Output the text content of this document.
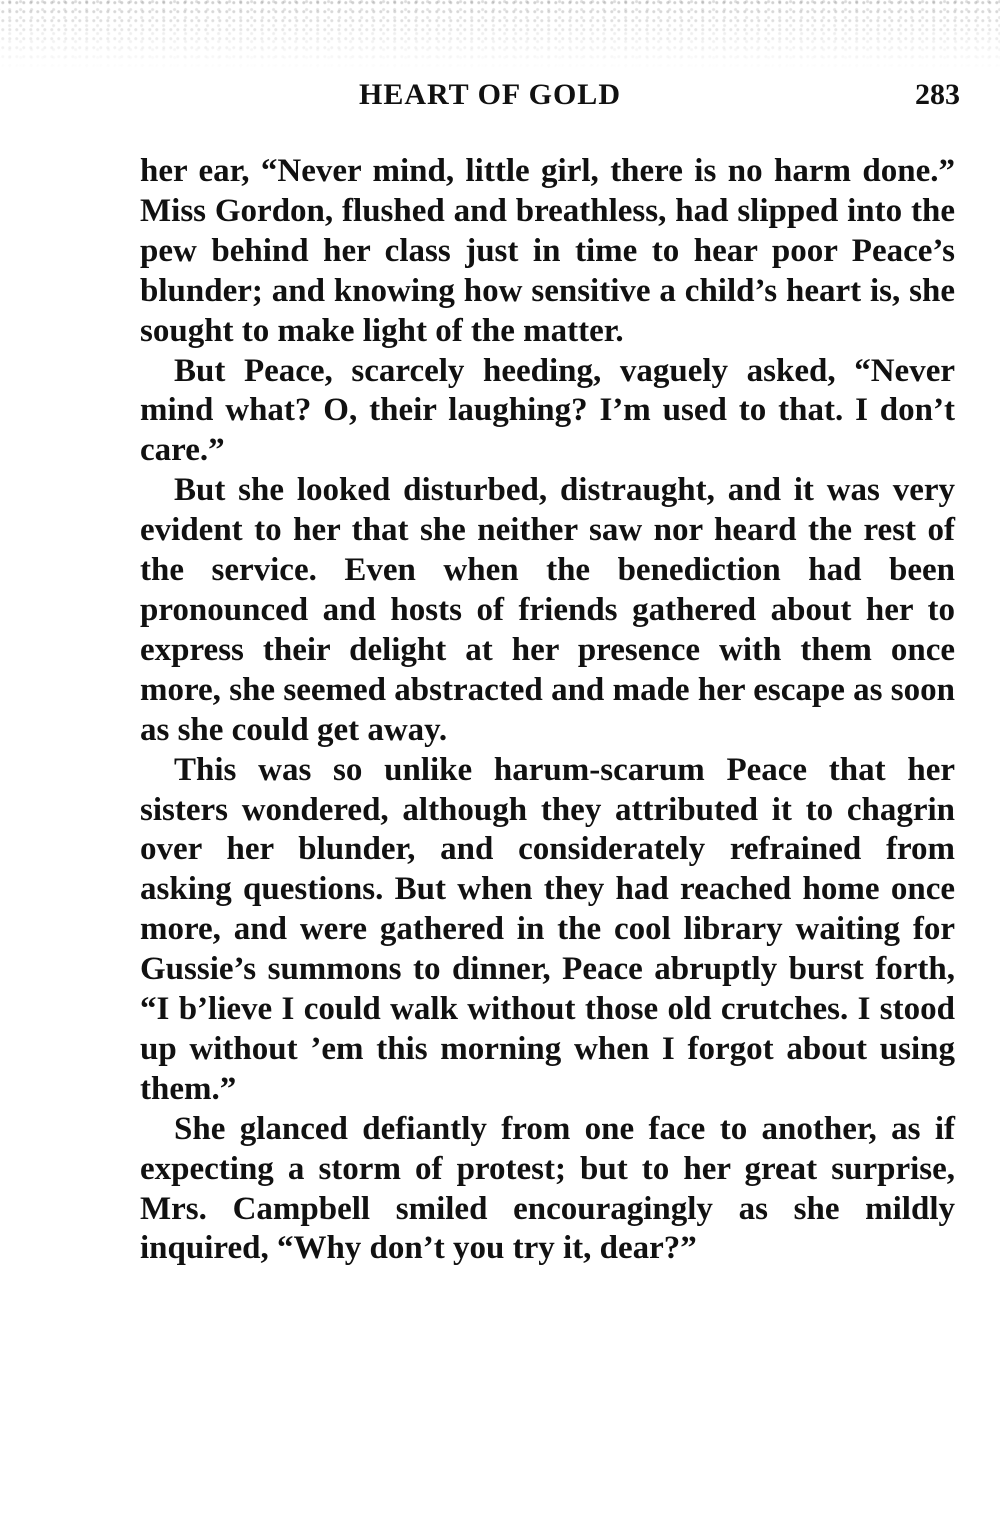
HEART OF GOLD	283

her ear, “Never mind, little girl, there is no harm done.” Miss Gordon, flushed and breathless, had slipped into the pew behind her class just in time to hear poor Peace’s blunder; and knowing how sensitive a child’s heart is, she sought to make light of the matter.

But Peace, scarcely heeding, vaguely asked, “Never mind what? O, their laughing? I’m used to that. I don’t care.”

But she looked disturbed, distraught, and it was very evident to her that she neither saw nor heard the rest of the service. Even when the benediction had been pronounced and hosts of friends gathered about her to express their delight at her presence with them once more, she seemed abstracted and made her escape as soon as she could get away.

This was so unlike harum-scarum Peace that her sisters wondered, although they attributed it to chagrin over her blunder, and considerately refrained from asking questions. But when they had reached home once more, and were gathered in the cool library waiting for Gussie’s summons to dinner, Peace abruptly burst forth, “I b’lieve I could walk without those old crutches. I stood up without ’em this morning when I forgot about using them.”

She glanced defiantly from one face to another, as if expecting a storm of protest; but to her great surprise, Mrs. Campbell smiled encouragingly as she mildly inquired, “Why don’t you try it, dear?”
